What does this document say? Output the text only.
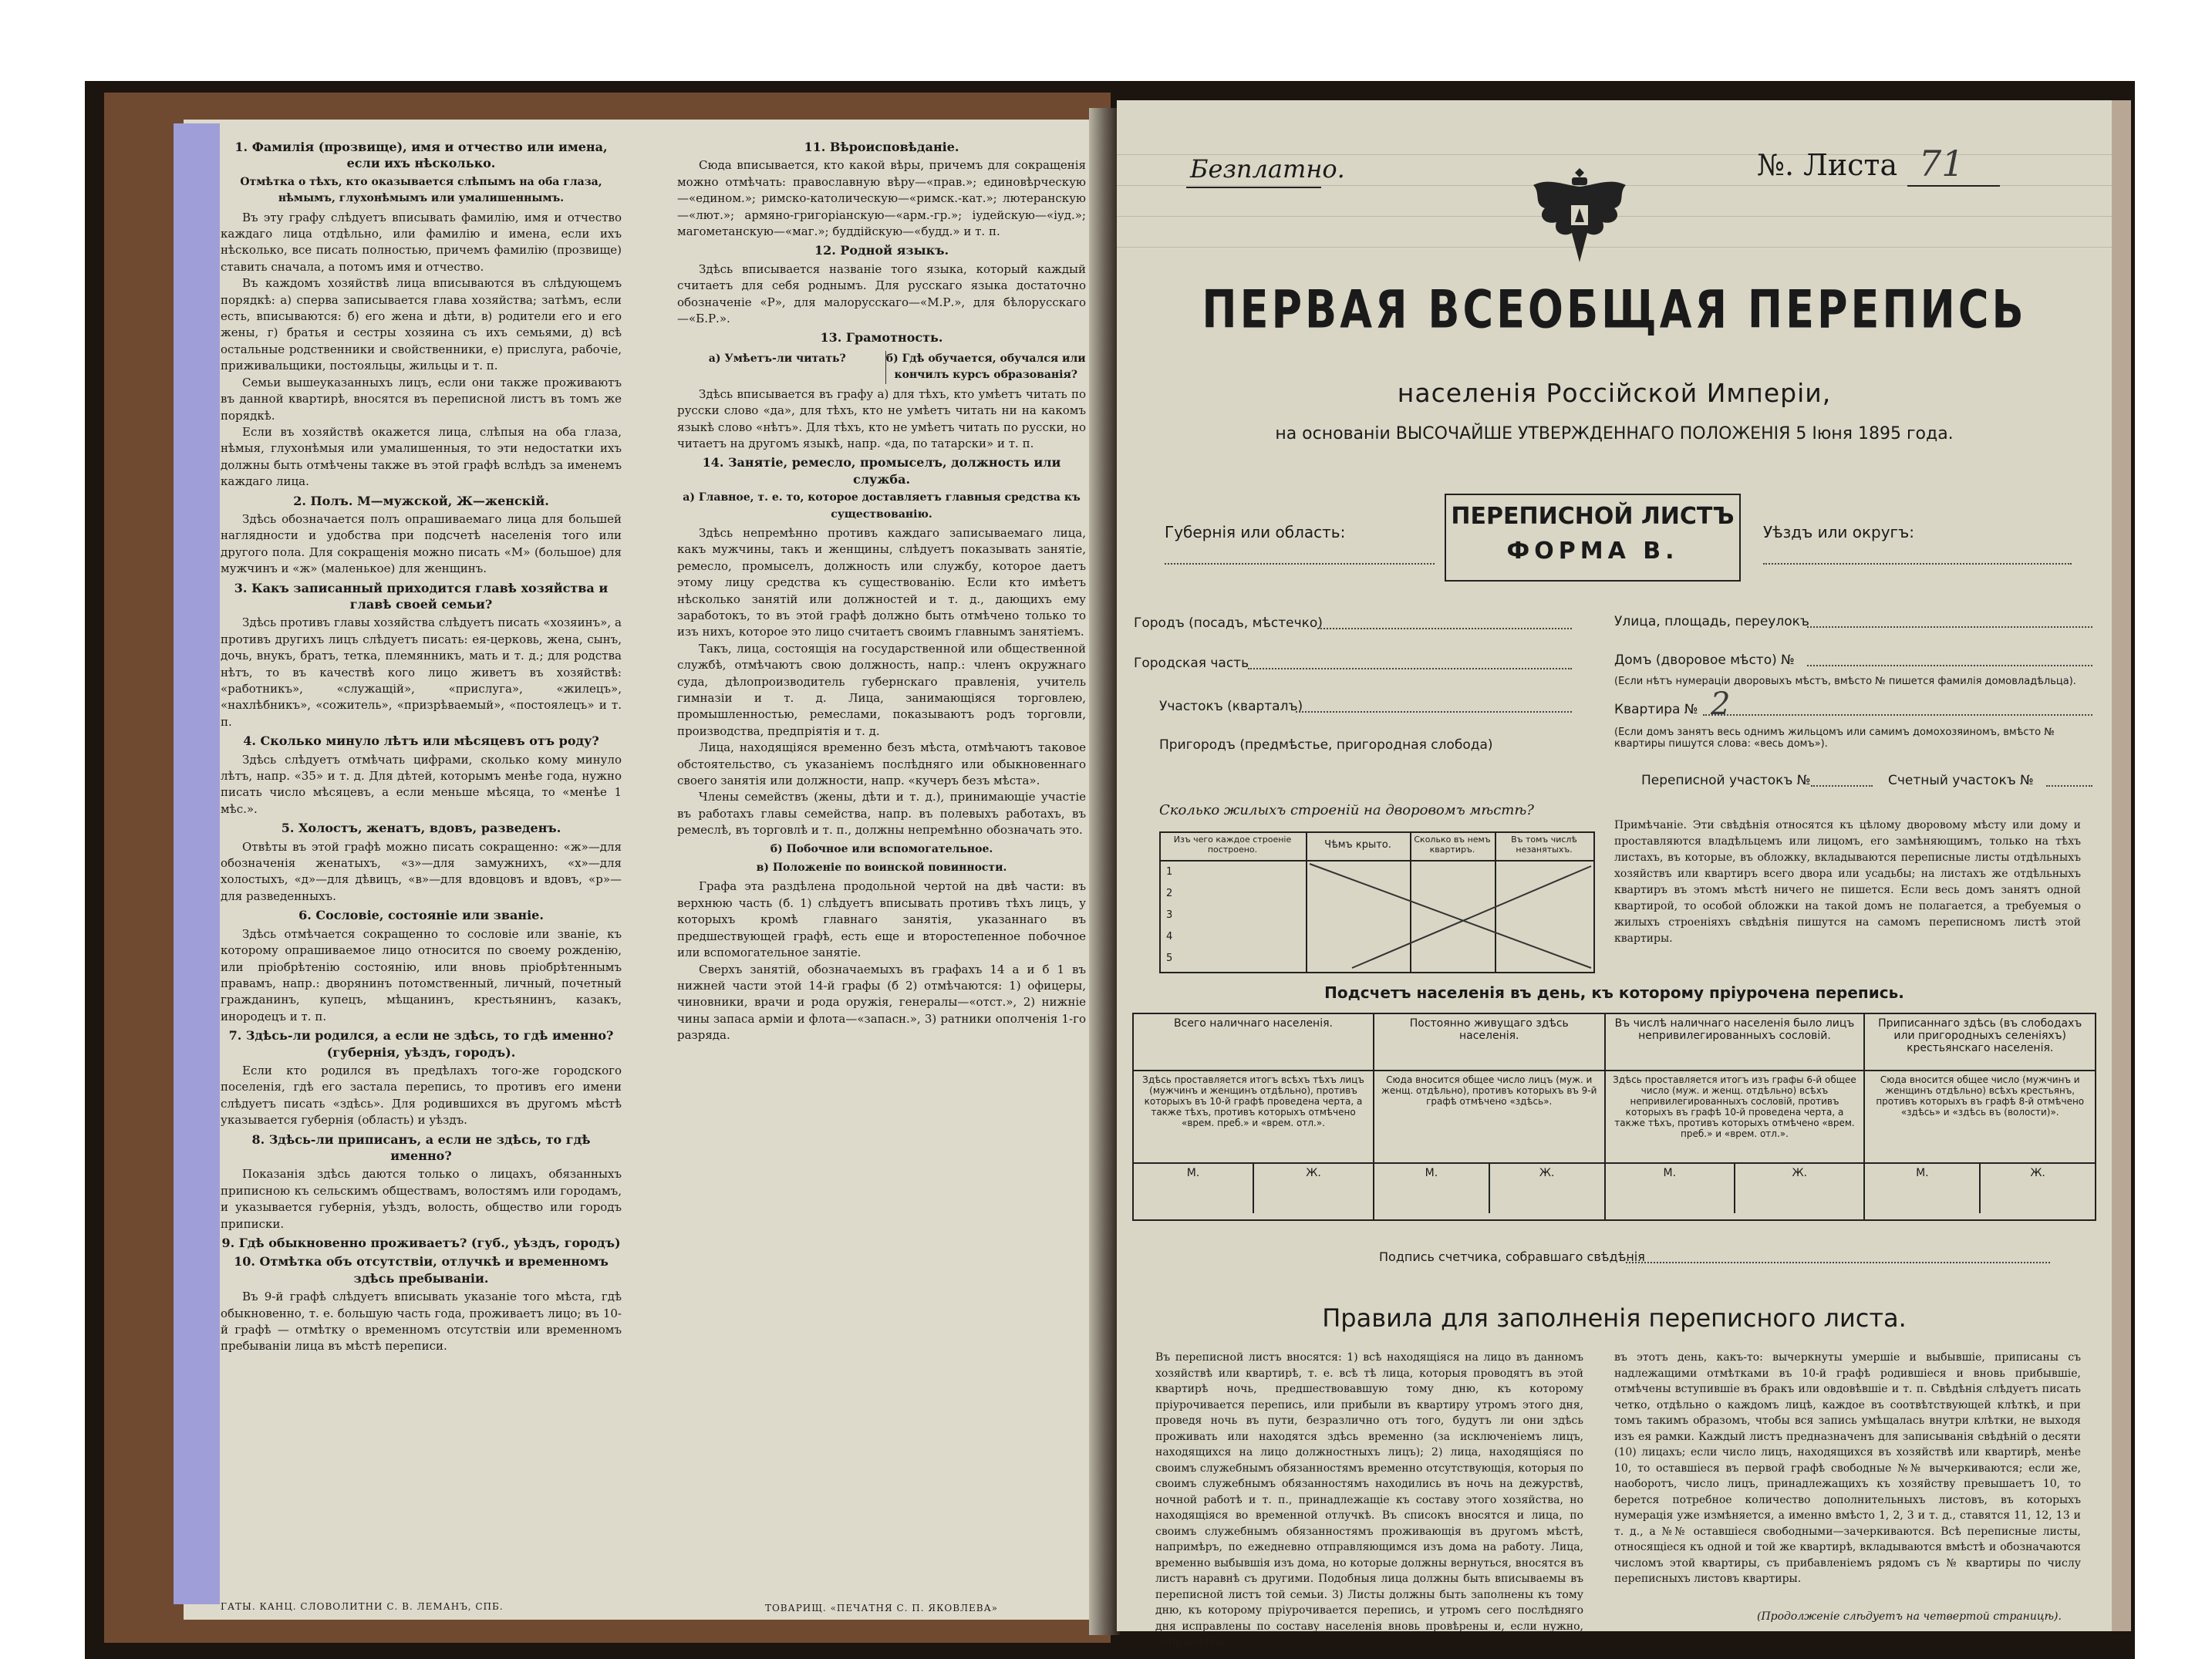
1. Фамилія (прозвище), имя и отчество или имена, если ихъ нѣсколько.
Отмѣтка о тѣхъ, кто оказывается слѣпымъ на оба глаза, нѣмымъ, глухонѣмымъ или умалишеннымъ.

Въ эту графу слѣдуетъ вписывать фамилію, имя и отчество каждаго лица отдѣльно, или фамилію и имена, если ихъ нѣсколько, все писать полностью, причемъ фамилію (прозвище) ставить сначала, а потомъ имя и отчество.

Въ каждомъ хозяйствѣ лица вписываются въ слѣдующемъ порядкѣ: а) сперва записывается глава хозяйства; затѣмъ, если есть, вписываются: б) его жена и дѣти, в) родители его и его жены, г) братья и сестры хозяина съ ихъ семьями, д) всѣ остальные родственники и свойственники, е) прислуга, рабочіе, приживальщики, постояльцы, жильцы и т. п.

Семьи вышеуказанныхъ лицъ, если они также проживаютъ въ данной квартирѣ, вносятся въ переписной листъ въ томъ же порядкѣ.

Если въ хозяйствѣ окажется лица, слѣпыя на оба глаза, нѣмыя, глухонѣмыя или умалишенныя, то эти недостатки ихъ должны быть отмѣчены также въ этой графѣ вслѣдъ за именемъ каждаго лица.

2. Полъ. М—мужской, Ж—женскій.

Здѣсь обозначается полъ опрашиваемаго лица для большей наглядности и удобства при подсчетѣ населенія того или другого пола. Для сокращенія можно писать «М» (большое) для мужчинъ и «ж» (маленькое) для женщинъ.

3. Какъ записанный приходится главѣ хозяйства и главѣ своей семьи?

Здѣсь противъ главы хозяйства слѣдуетъ писать «хозяинъ», а противъ другихъ лицъ слѣдуетъ писать: ея-церковь, жена, сынъ, дочь, внукъ, братъ, тетка, племянникъ, мать и т. д.; для родства нѣтъ, то въ качествѣ кого лицо живетъ въ хозяйствѣ: «работникъ», «служащій», «прислуга», «жилецъ», «нахлѣбникъ», «сожитель», «призрѣваемый», «постоялецъ» и т. п.

4. Сколько минуло лѣтъ или мѣсяцевъ отъ роду?

Здѣсь слѣдуетъ отмѣчать цифрами, сколько кому минуло лѣтъ, напр. «35» и т. д. Для дѣтей, которымъ менѣе года, нужно писать число мѣсяцевъ, а если меньше мѣсяца, то «менѣе 1 мѣс.».

5. Холостъ, женатъ, вдовъ, разведенъ.

Отвѣты въ этой графѣ можно писать сокращенно: «ж»—для обозначенія женатыхъ, «з»—для замужнихъ, «х»—для холостыхъ, «д»—для дѣвицъ, «в»—для вдовцовъ и вдовъ, «р»—для разведенныхъ.

6. Сословіе, состояніе или званіе.

Здѣсь отмѣчается сокращенно то сословіе или званіе, къ которому опрашиваемое лицо относится по своему рожденію, или пріобрѣтенію состоянію, или вновь пріобрѣтеннымъ правамъ, напр.: дворянинъ потомственный, личный, почетный гражданинъ, купецъ, мѣщанинъ, крестьянинъ, казакъ, инородецъ и т. п.

7. Здѣсь-ли родился, а если не здѣсь, то гдѣ именно? (губернія, уѣздъ, городъ).

Если кто родился въ предѣлахъ того-же городского поселенія, гдѣ его застала перепись, то противъ его имени слѣдуетъ писать «здѣсь». Для родившихся въ другомъ мѣстѣ указывается губернія (область) и уѣздъ.

8. Здѣсь-ли приписанъ, а если не здѣсь, то гдѣ именно?

Показанія здѣсь даются только о лицахъ, обязанныхъ приписною къ сельскимъ обществамъ, волостямъ или городамъ, и указывается губернія, уѣздъ, волость, общество или городъ приписки.

9. Гдѣ обыкновенно проживаетъ? (губ., уѣздъ, городъ)
10. Отмѣтка объ отсутствіи, отлучкѣ и временномъ здѣсь пребываніи.

Въ 9-й графѣ слѣдуетъ вписывать указаніе того мѣста, гдѣ обыкновенно, т. е. большую часть года, проживаетъ лицо; въ 10-й графѣ — отмѣтку о временномъ отсутствіи или временномъ пребываніи лица въ мѣстѣ переписи.

ГАТЫ. КАНЦ. СЛОВОЛИТНИ С. В. ЛЕМАНЪ, СПБ.
11. Вѣроисповѣданіе.

Сюда вписывается, кто какой вѣры, причемъ для сокращенія можно отмѣчать: православную вѣру—«прав.»; единовѣрческую—«едином.»; римско-католическую—«римск.-кат.»; лютеранскую—«лют.»; армяно-григоріанскую—«арм.-гр.»; іудейскую—«іуд.»; магометанскую—«маг.»; буддійскую—«будд.» и т. п.

12. Родной языкъ.

Здѣсь вписывается названіе того языка, который каждый считаетъ для себя роднымъ. Для русскаго языка достаточно обозначеніе «Р», для малорусскаго—«М.Р.», для бѣлорусскаго—«Б.Р.».

13. Грамотность.
а) Умѣетъ-ли читать?	б) Гдѣ обучается, обучался или кончилъ курсъ образованія?

Здѣсь вписывается въ графу а) для тѣхъ, кто умѣетъ читать по русски слово «да», для тѣхъ, кто не умѣетъ читать ни на какомъ языкѣ слово «нѣтъ». Для тѣхъ, кто не умѣетъ читать по русски, но читаетъ на другомъ языкѣ, напр. «да, по татарски» и т. п.

14. Занятіе, ремесло, промыселъ, должность или служба.
а) Главное, т. е. то, которое доставляетъ главныя средства къ существованію.

Здѣсь непремѣнно противъ каждаго записываемаго лица, какъ мужчины, такъ и женщины, слѣдуетъ показывать занятіе, ремесло, промыселъ, должность или службу, которое даетъ этому лицу средства къ существованію. Если кто имѣетъ нѣсколько занятій или должностей и т. д., дающихъ ему заработокъ, то въ этой графѣ должно быть отмѣчено только то изъ нихъ, которое это лицо считаетъ своимъ главнымъ занятіемъ.

Такъ, лица, состоящія на государственной или общественной службѣ, отмѣчаютъ свою должность, напр.: членъ окружнаго суда, дѣлопроизводитель губернскаго правленія, учитель гимназіи и т. д. Лица, занимающіяся торговлею, промышленностью, ремеслами, показываютъ родъ торговли, производства, предпріятія и т. д.

Лица, находящіяся временно безъ мѣста, отмѣчаютъ таковое обстоятельство, съ указаніемъ послѣдняго или обыкновеннаго своего занятія или должности, напр. «кучеръ безъ мѣста».

Члены семействъ (жены, дѣти и т. д.), принимающіе участіе въ работахъ главы семейства, напр. въ полевыхъ работахъ, въ ремеслѣ, въ торговлѣ и т. п., должны непремѣнно обозначать это.

б) Побочное или вспомогательное.
в) Положеніе по воинской повинности.

Графа эта раздѣлена продольной чертой на двѣ части: въ верхнюю часть (б. 1) слѣдуетъ вписывать противъ тѣхъ лицъ, у которыхъ кромѣ главнаго занятія, указаннаго въ предшествующей графѣ, есть еще и второстепенное побочное или вспомогательное занятіе.

Сверхъ занятій, обозначаемыхъ въ графахъ 14 а и б 1 въ нижней части этой 14-й графы (б 2) отмѣчаются: 1) офицеры, чиновники, врачи и рода оружія, генералы—«отст.», 2) нижніе чины запаса арміи и флота—«запасн.», 3) ратники ополченія 1-го разряда.

ТОВАРИЩ. «ПЕЧАТНЯ С. П. ЯКОВЛЕВА»
Безплатно.	№. Листа 71
ПЕРВАЯ ВСЕОБЩАЯ ПЕРЕПИСЬ
населенія Россійской Имперіи,
на основаніи ВЫСОЧАЙШЕ УТВЕРЖДЕННАГО ПОЛОЖЕНІЯ 5 Іюня 1895 года.
Губернія или область:
ПЕРЕПИСНОЙ ЛИСТЪ
ФОРМА В.
Уѣздъ или округъ:
Городъ (посадъ, мѣстечко)	Улица, площадь, переулокъ
Городская часть	Домъ (дворовое мѣсто) №
(Если нѣтъ нумераціи дворовыхъ мѣстъ, вмѣсто № пишется фамилія домовладѣльца).
Участокъ (кварталъ)	Квартира № 2
Пригородъ (предмѣстье, пригородная слобода)
(Если домъ занятъ весь однимъ жильцомъ или самимъ домохозяиномъ, вмѣсто № квартиры пишутся слова: «весь домъ»).
Переписной участокъ №	Счетный участокъ №
Сколько жилыхъ строеній на дворовомъ мѣстѣ?
Изъ чего каждое строеніе построено.	Чѣмъ крыто.	Сколько въ немъ квартиръ.
Въ томъ числѣ незанятыхъ.
1
2
3
4
5
Примѣчаніе. Эти свѣдѣнія относятся къ цѣлому дворовому мѣсту или дому и проставляются владѣльцемъ или лицомъ, его замѣняющимъ, только на тѣхъ листахъ, въ которые, въ обложку, вкладываются переписные листы отдѣльныхъ хозяйствъ или квартиръ всего двора или усадьбы; на листахъ же отдѣльныхъ квартиръ въ этомъ мѣстѣ ничего не пишется. Если весь домъ занятъ одной квартирой, то особой обложки на такой домъ не полагается, а требуемыя о жилыхъ строеніяхъ свѣдѣнія пишутся на самомъ переписномъ листѣ этой квартиры.
Подсчетъ населенія въ день, къ которому пріурочена перепись.
Всего наличнаго населенія.	Постоянно живущаго здѣсь населенія.	Въ числѣ наличнаго населенія было лицъ непривилегированныхъ сословій.	Приписаннаго здѣсь (въ слободахъ или пригородныхъ селеніяхъ) крестьянскаго населенія.
Здѣсь проставляется итогъ всѣхъ тѣхъ лицъ (мужчинъ и женщинъ отдѣльно), противъ которыхъ въ 10-й графѣ проведена черта, а также тѣхъ, противъ которыхъ отмѣчено «врем. преб.» и «врем. отл.».	Сюда вносится общее число лицъ (муж. и женщ. отдѣльно), противъ которыхъ въ 9-й графѣ отмѣчено «здѣсь».	Здѣсь проставляется итогъ изъ графы 6-й общее число (муж. и женщ. отдѣльно) всѣхъ непривилегированныхъ сословій, противъ которыхъ въ графѣ 10-й проведена черта, а также тѣхъ, противъ которыхъ отмѣчено «врем. преб.» и «врем. отл.».	Сюда вносится общее число (мужчинъ и женщинъ отдѣльно) всѣхъ крестьянъ, противъ которыхъ въ графѣ 8-й отмѣчено «здѣсь» и «здѣсь въ (волости)».

М. Ж.	М. Ж.	М. Ж.	М. Ж.
Подпись счетчика, собравшаго свѣдѣнія
Правила для заполненія переписного листа.
Въ переписной листъ вносятся: 1) всѣ находящіяся на лицо въ данномъ хозяйствѣ или квартирѣ, т. е. всѣ тѣ лица, которыя проводятъ въ этой квартирѣ ночь, предшествовавшую тому дню, къ которому пріурочивается перепись, или прибыли въ квартиру утромъ этого дня, проведя ночь въ пути, безразлично отъ того, будутъ ли они здѣсь проживать или находятся здѣсь временно (за исключеніемъ лицъ, находящихся на лицо должностныхъ лицъ); 2) лица, находящіяся по своимъ служебнымъ обязанностямъ временно отсутствующія, которыя по своимъ служебнымъ обязанностямъ находились въ ночь на дежурствѣ, ночной работѣ и т. п., принадлежащіе къ составу этого хозяйства, но находящіяся во временной отлучкѣ. Въ списокъ вносятся и лица, по своимъ служебнымъ обязанностямъ проживающія въ другомъ мѣстѣ, напримѣръ, по ежедневно отправляющимся изъ дома на работу. Лица, временно выбывшія изъ дома, но которые должны вернуться, вносятся въ листъ наравнѣ съ другими. Подобныя лица должны быть вписываемы въ переписной листъ той семьи. 3) Листы должны быть заполнены къ тому дню, къ которому пріурочивается перепись, и утромъ сего послѣдняго дня исправлены по составу населенія вновь провѣрены и, если нужно, исправлены.
въ этотъ день, какъ-то: вычеркнуты умершіе и выбывшіе, приписаны съ надлежащими отмѣтками въ 10-й графѣ родившіеся и вновь прибывшіе, отмѣчены вступившіе въ бракъ или овдовѣвшіе и т. п. Свѣдѣнія слѣдуетъ писать четко, отдѣльно о каждомъ лицѣ, каждое въ соотвѣтствующей клѣткѣ, и при томъ такимъ образомъ, чтобы вся запись умѣщалась внутри клѣтки, не выходя изъ ея рамки. Каждый листъ предназначенъ для записыванія свѣдѣній о десяти (10) лицахъ; если число лицъ, находящихся въ хозяйствѣ или квартирѣ, менѣе 10, то оставшіеся въ первой графѣ свободные №№ вычеркиваются; если же, наоборотъ, число лицъ, принадлежащихъ къ хозяйству превышаетъ 10, то берется потребное количество дополнительныхъ листовъ, въ которыхъ нумерація уже измѣняется, а именно вмѣсто 1, 2, 3 и т. д., ставятся 11, 12, 13 и т. д., а №№ оставшіеся свободными—зачеркиваются. Всѣ переписные листы, относящіеся къ одной и той же квартирѣ, вкладываются вмѣстѣ и обозначаются числомъ этой квартиры, съ прибавленіемъ рядомъ съ № квартиры по числу переписныхъ листовъ квартиры.
(Продолженіе слѣдуетъ на четвертой страницѣ).
